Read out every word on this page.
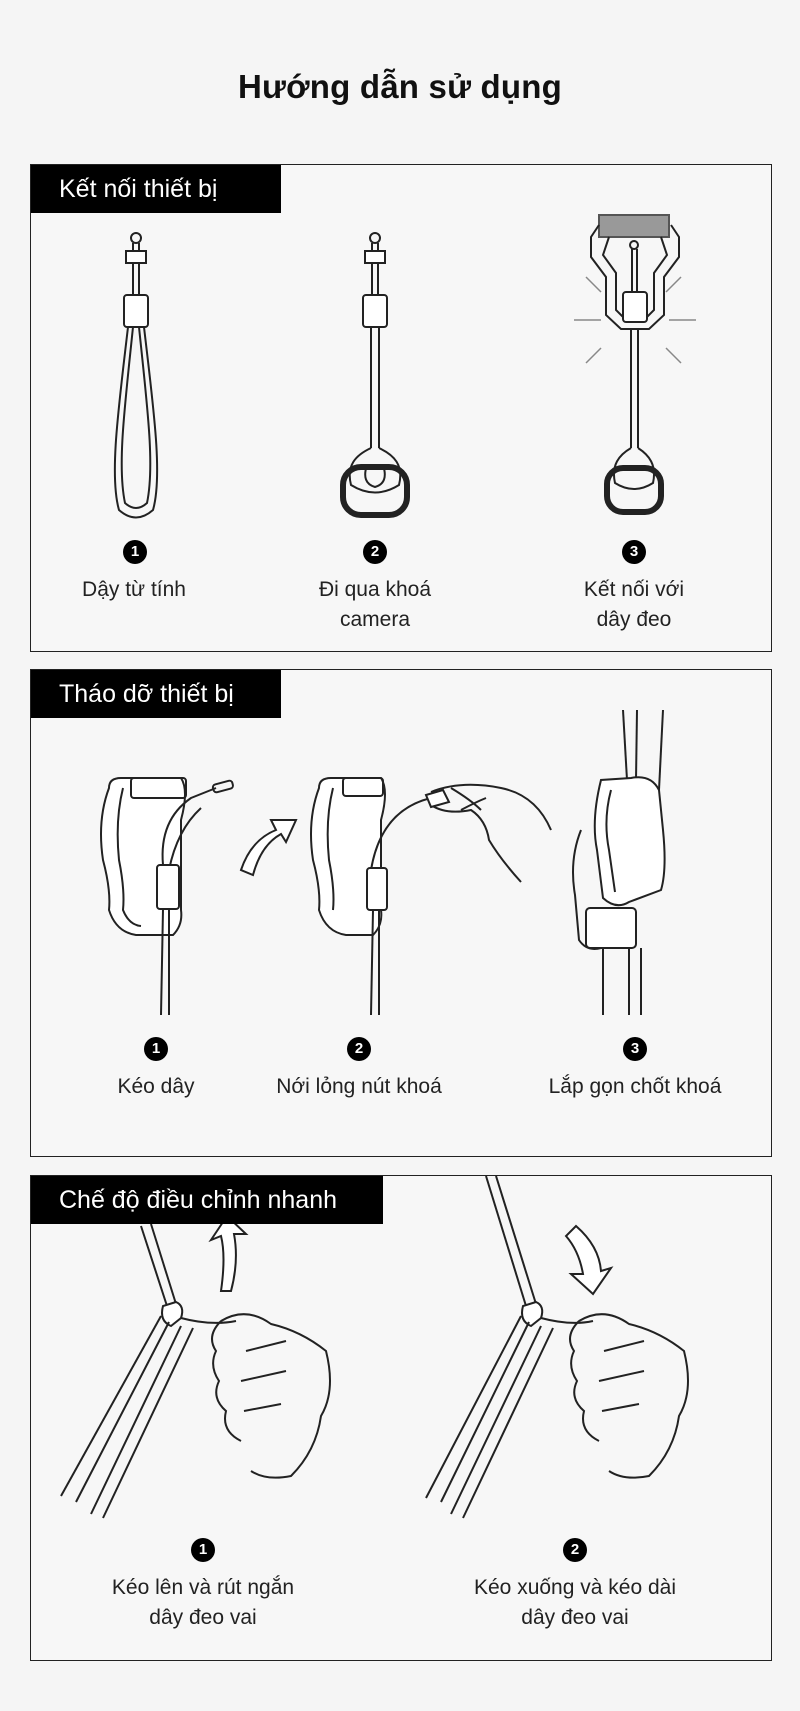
Hướng dẫn sử dụng
Kết nối thiết bị
1
Dậy từ tính
2
Đi qua khoá
camera
3
Kết nối với
dây đeo
Tháo dỡ thiết bị
1
Kéo dây
2
Nới lỏng nút khoá
3
Lắp gọn chốt khoá
Chế độ điều chỉnh nhanh
1
Kéo lên và rút ngắn
dây đeo vai
2
Kéo xuống và kéo dài
dây đeo vai
